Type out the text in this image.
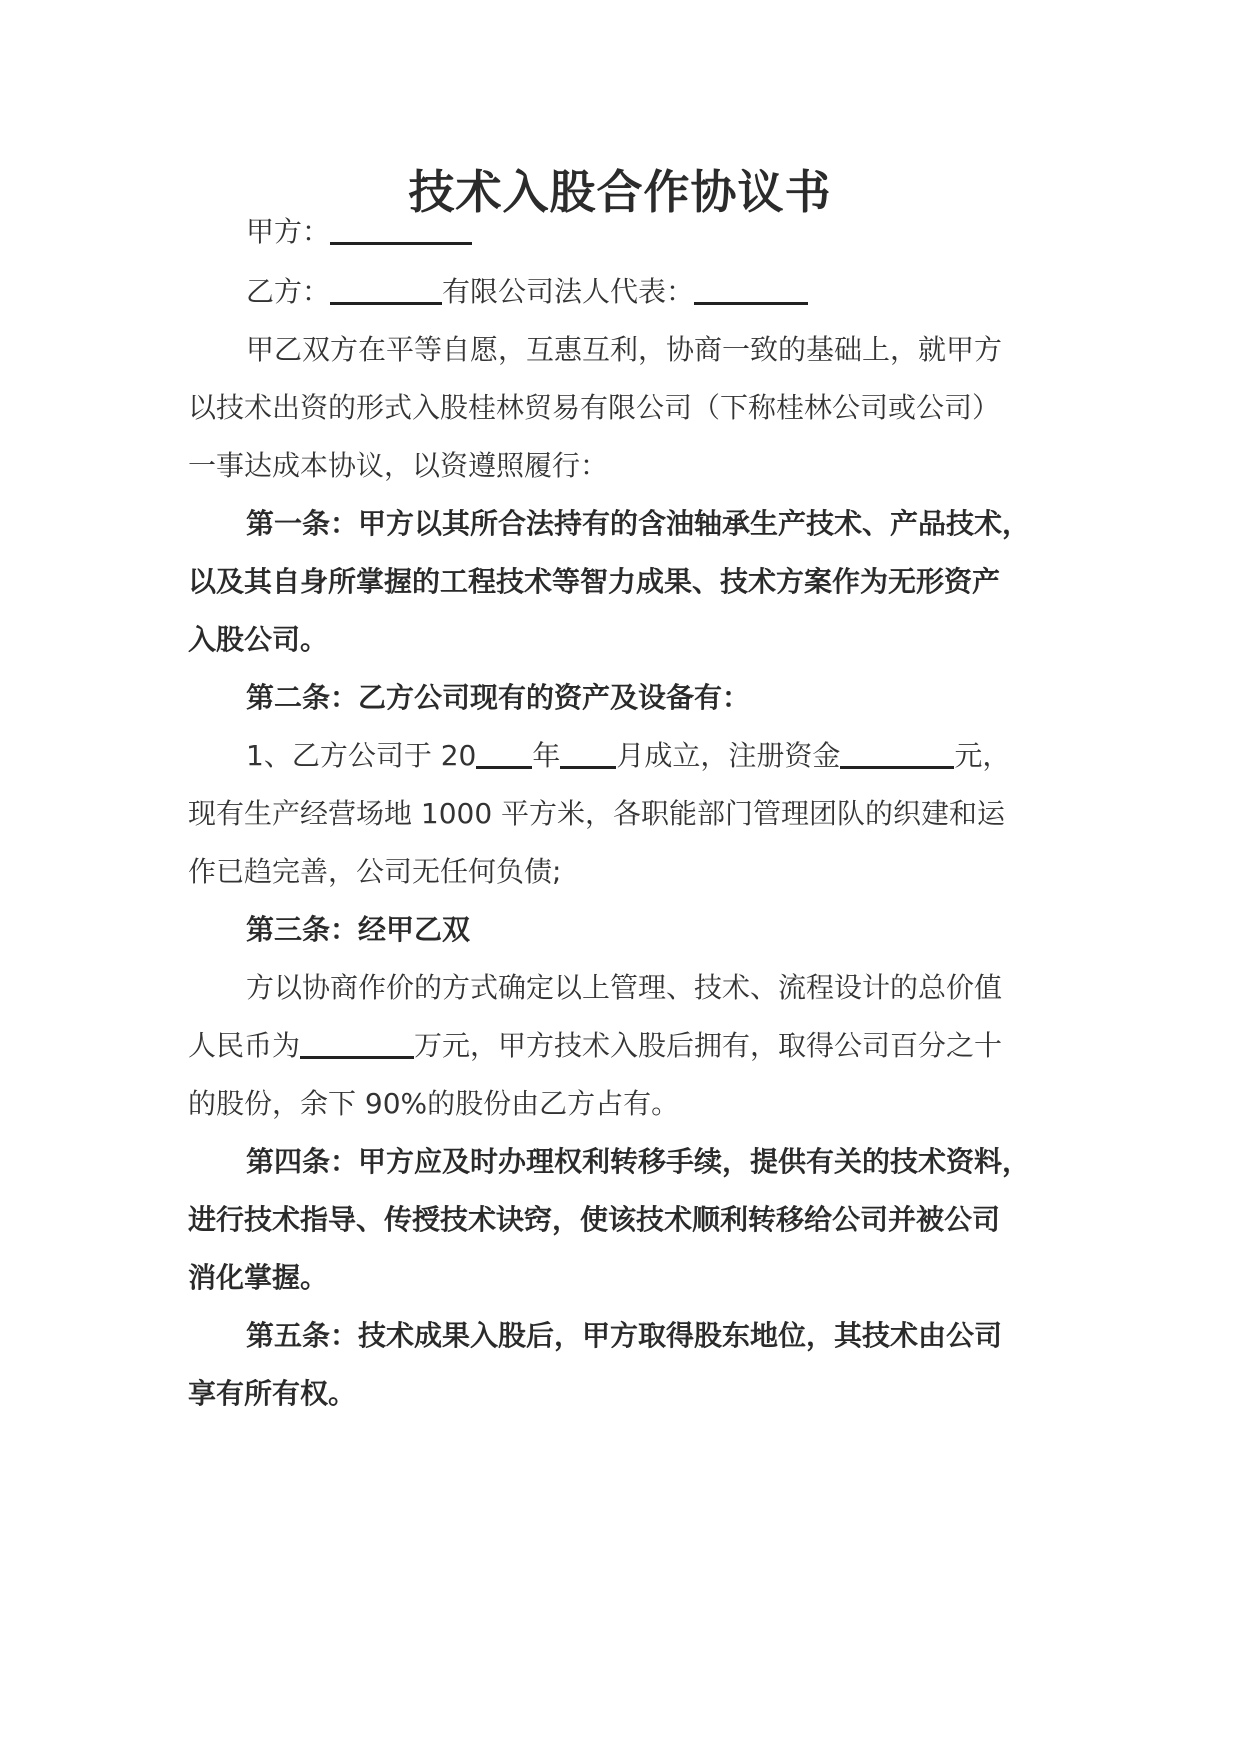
技术入股合作协议书
甲方：
乙方：	有限公司法人代表：
甲乙双方在平等自愿，互惠互利，协商一致的基础上，就甲方
以技术出资的形式入股桂林贸易有限公司（下称桂林公司或公司）
一事达成本协议，以资遵照履行：
第一条：甲方以其所合法持有的含油轴承生产技术、产品技术，
以及其自身所掌握的工程技术等智力成果、技术方案作为无形资产
入股公司。
第二条：乙方公司现有的资产及设备有：
1、乙方公司于 20 年 月成立，注册资金	元，
现有生产经营场地 1000 平方米，各职能部门管理团队的织建和运
作已趋完善，公司无任何负债;
第三条：经甲乙双
方以协商作价的方式确定以上管理、技术、流程设计的总价值
人民币为	万元，甲方技术入股后拥有，取得公司百分之十
的股份，余下 90%的股份由乙方占有。
第四条：甲方应及时办理权利转移手续，提供有关的技术资料，
进行技术指导、传授技术诀窍，使该技术顺利转移给公司并被公司
消化掌握。
第五条：技术成果入股后，甲方取得股东地位，其技术由公司
享有所有权。
